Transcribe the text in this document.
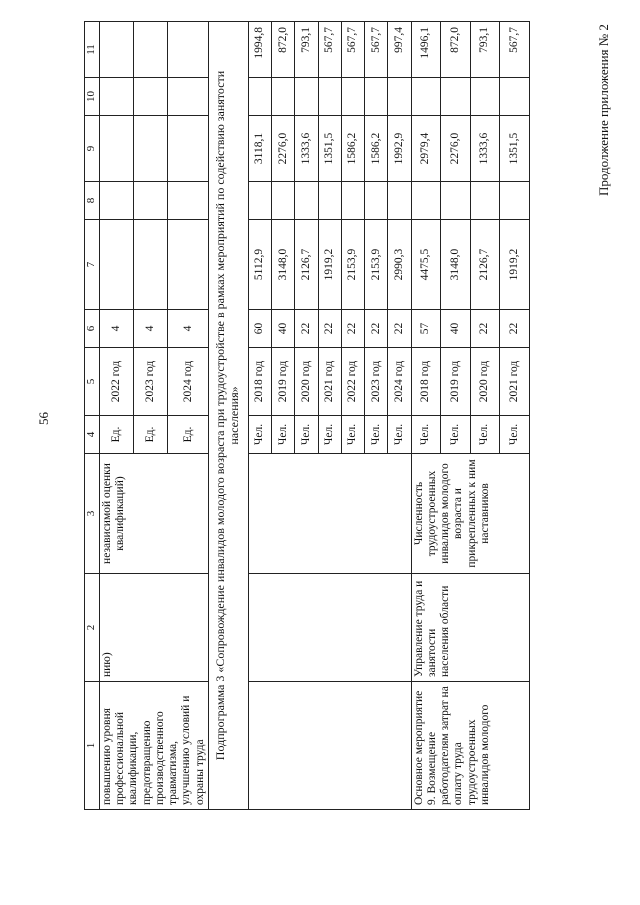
56
Продолжение приложения № 2
1	2	3	4	5	6	7	8	9	10	11
повышению уровня профессиональной квалификации, предотвращению производственного травматизма, улучшению условий и охраны труда	нию)	независимой оценки квалификаций)	Ед.	2022 год	4					
			Ед.	2023 год	4					
			Ед.	2024 год	4					
Подпрограмма 3 «Сопровождение инвалидов молодого возраста при трудоустройстве в рамках мероприятий по содействию занятости населения»										
			Чел.	2018 год	60	5112,9		3118,1		1994,8
			Чел.	2019 год	40	3148,0		2276,0		872,0
			Чел.	2020 год	22	2126,7		1333,6		793,1
			Чел.	2021 год	22	1919,2		1351,5		567,7
			Чел.	2022 год	22	2153,9		1586,2		567,7
			Чел.	2023 год	22	2153,9		1586,2		567,7
			Чел.	2024 год	22	2990,3		1992,9		997,4
Основное мероприятие 9. Возмещение работодателям затрат на оплату труда трудоустроенных инвалидов молодого	Управление труда и занятости населения области	Численность трудоустроенных инвалидов молодого возраста и прикрепленных к ним наставников	Чел.	2018 год	57	4475,5		2979,4		1496,1
			Чел.	2019 год	40	3148,0		2276,0		872,0
			Чел.	2020 год	22	2126,7		1333,6		793,1
			Чел.	2021 год	22	1919,2		1351,5		567,7
